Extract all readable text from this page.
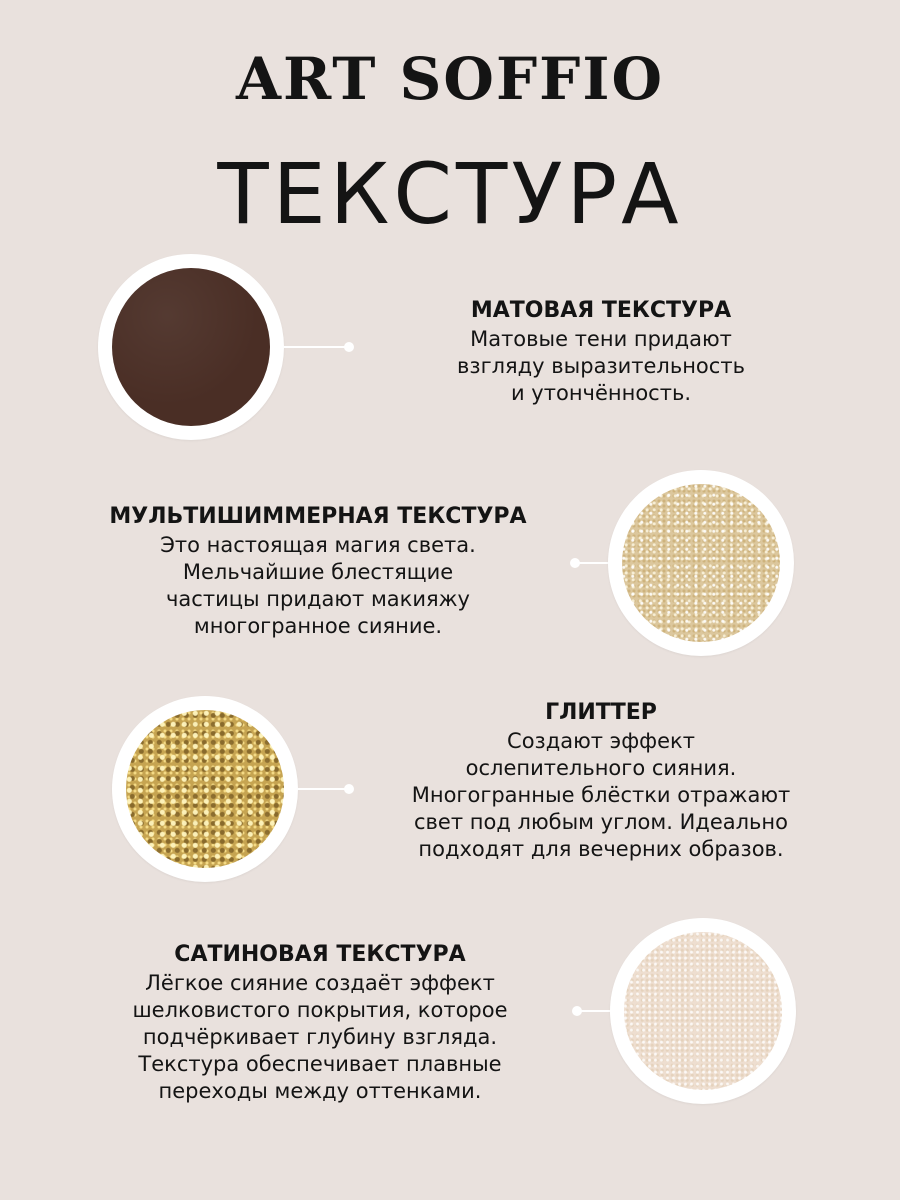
ART SOFFIO
ТЕКСТУРА
МАТОВАЯ ТЕКСТУРА
Матовые тени придают
взгляду выразительность
и утончённость.
МУЛЬТИШИММЕРНАЯ ТЕКСТУРА
Это настоящая магия света.
Мельчайшие блестящие
частицы придают макияжу
многогранное сияние.
ГЛИТТЕР
Создают эффект
ослепительного сияния.
Многогранные блёстки отражают
свет под любым углом. Идеально
подходят для вечерних образов.
САТИНОВАЯ ТЕКСТУРА
Лёгкое сияние создаёт эффект
шелковистого покрытия, которое
подчёркивает глубину взгляда.
Текстура обеспечивает плавные
переходы между оттенками.
